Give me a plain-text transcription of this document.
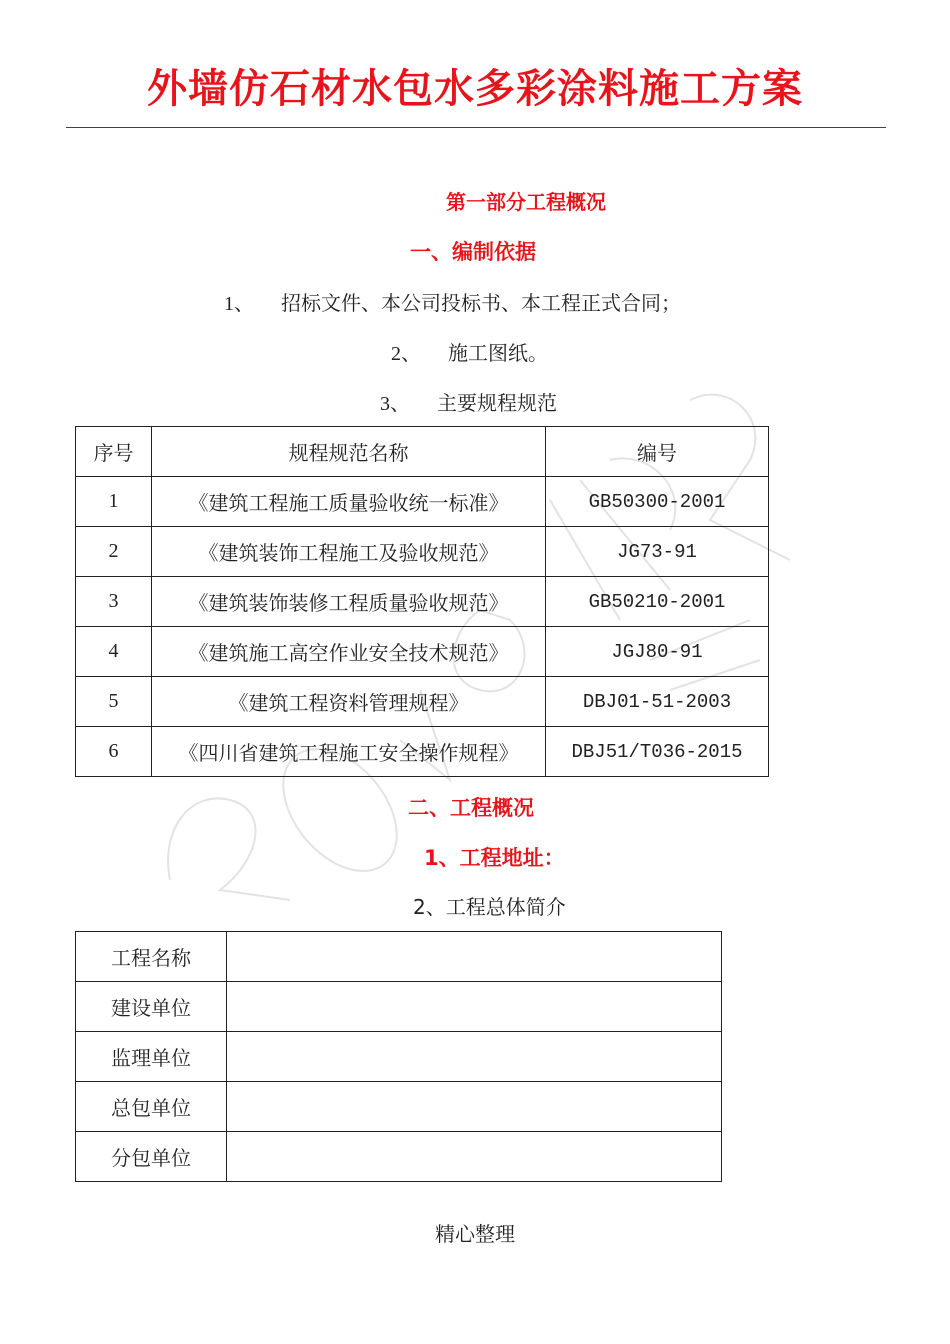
外墙仿石材水包水多彩涂料施工方案
第一部分工程概况
一、编制依据
1、 招标文件、本公司投标书、本工程正式合同；
2、 施工图纸。
3、 主要规程规范
序号	规程规范名称	编号
1	《建筑工程施工质量验收统一标准》	GB50300-2001
2	《建筑装饰工程施工及验收规范》	JG73-91
3	《建筑装饰装修工程质量验收规范》	GB50210-2001
4	《建筑施工高空作业安全技术规范》	JGJ80-91
5	《建筑工程资料管理规程》	DBJ01-51-2003
6	《四川省建筑工程施工安全操作规程》	DBJ51/T036-2015
二、工程概况
1、工程地址：
2、工程总体简介
工程名称	
建设单位	
监理单位	
总包单位	
分包单位	
精心整理
